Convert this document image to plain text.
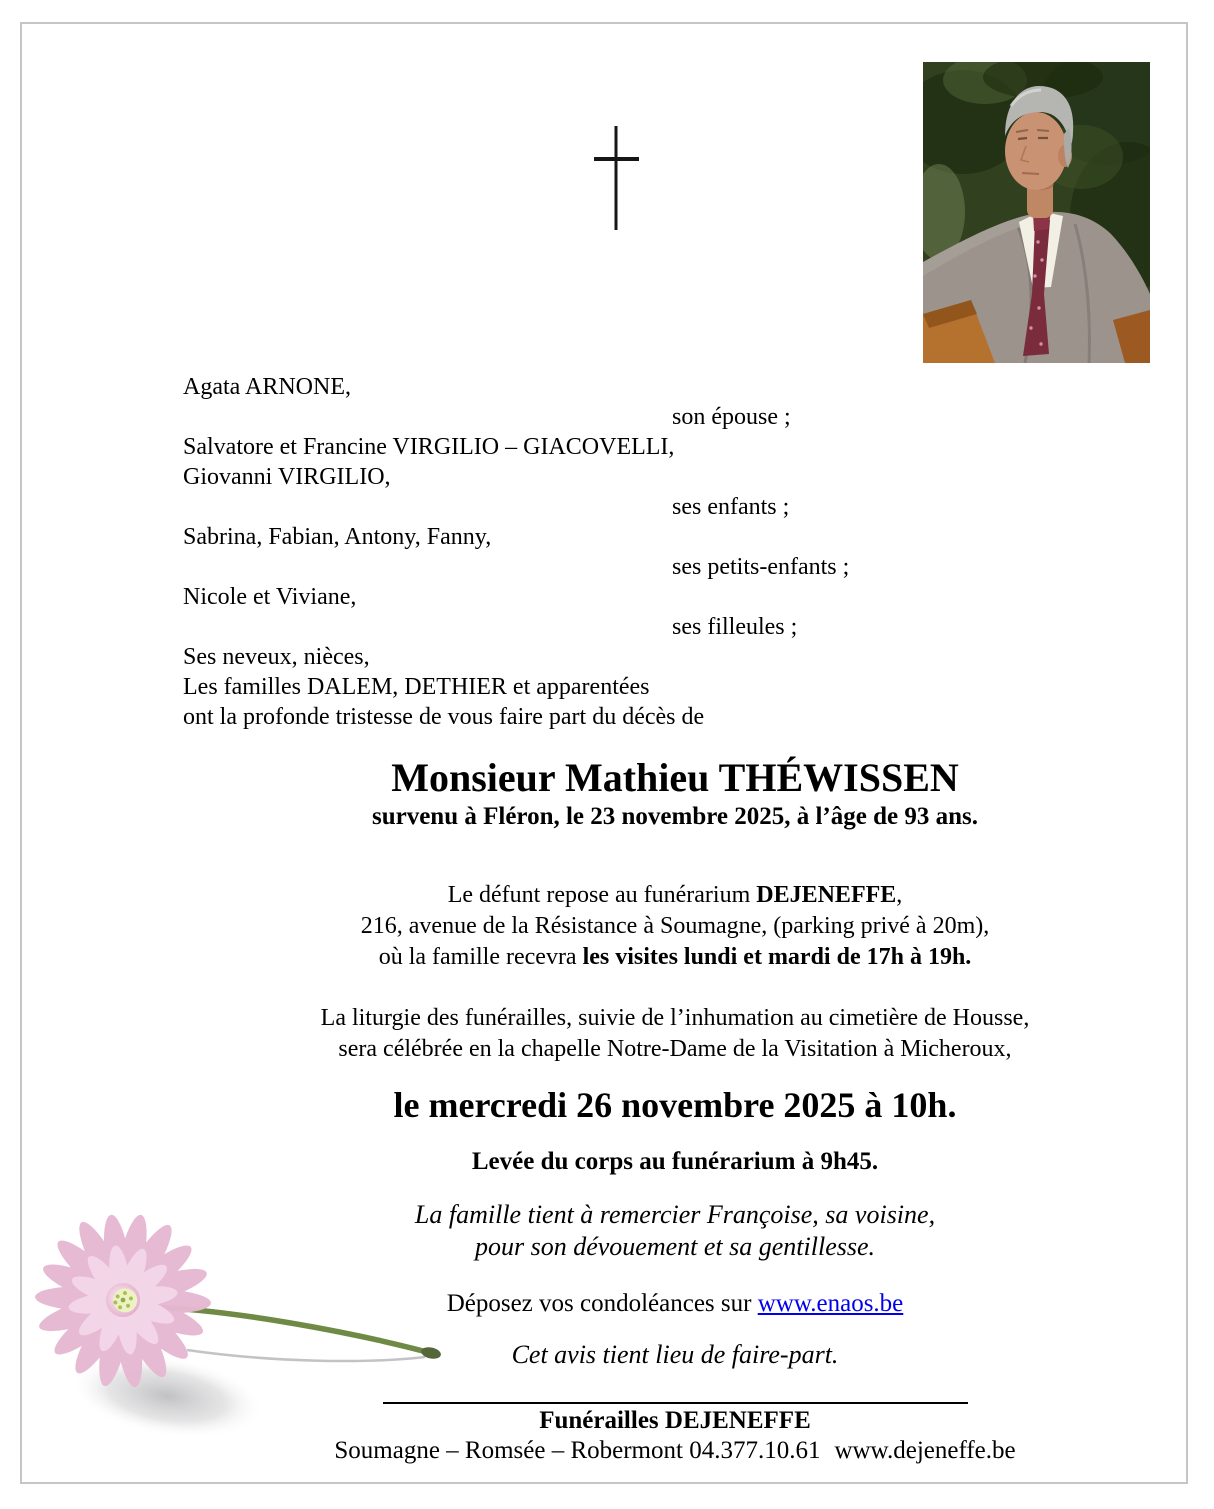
Agata ARNONE,
son épouse ;
Salvatore et Francine VIRGILIO – GIACOVELLI,
Giovanni VIRGILIO,
ses enfants ;
Sabrina, Fabian, Antony, Fanny,
ses petits-enfants ;
Nicole et Viviane,
ses filleules ;
Ses neveux, nièces,
Les familles DALEM, DETHIER et apparentées
ont la profonde tristesse de vous faire part du décès de
Monsieur Mathieu THÉWISSEN
survenu à Fléron, le 23 novembre 2025, à l’âge de 93 ans.
Le défunt repose au funérarium DEJENEFFE,
216, avenue de la Résistance à Soumagne, (parking privé à 20m),
où la famille recevra les visites lundi et mardi de 17h à 19h.
La liturgie des funérailles, suivie de l’inhumation au cimetière de Housse,
sera célébrée en la chapelle Notre-Dame de la Visitation à Micheroux,
le mercredi 26 novembre 2025 à 10h.
Levée du corps au funérarium à 9h45.
La famille tient à remercier Françoise, sa voisine,
pour son dévouement et sa gentillesse.
Déposez vos condoléances sur www.enaos.be
Cet avis tient lieu de faire-part.
Funérailles DEJENEFFE
Soumagne – Romsée – Robermont 04.377.10.61 www.dejeneffe.be
